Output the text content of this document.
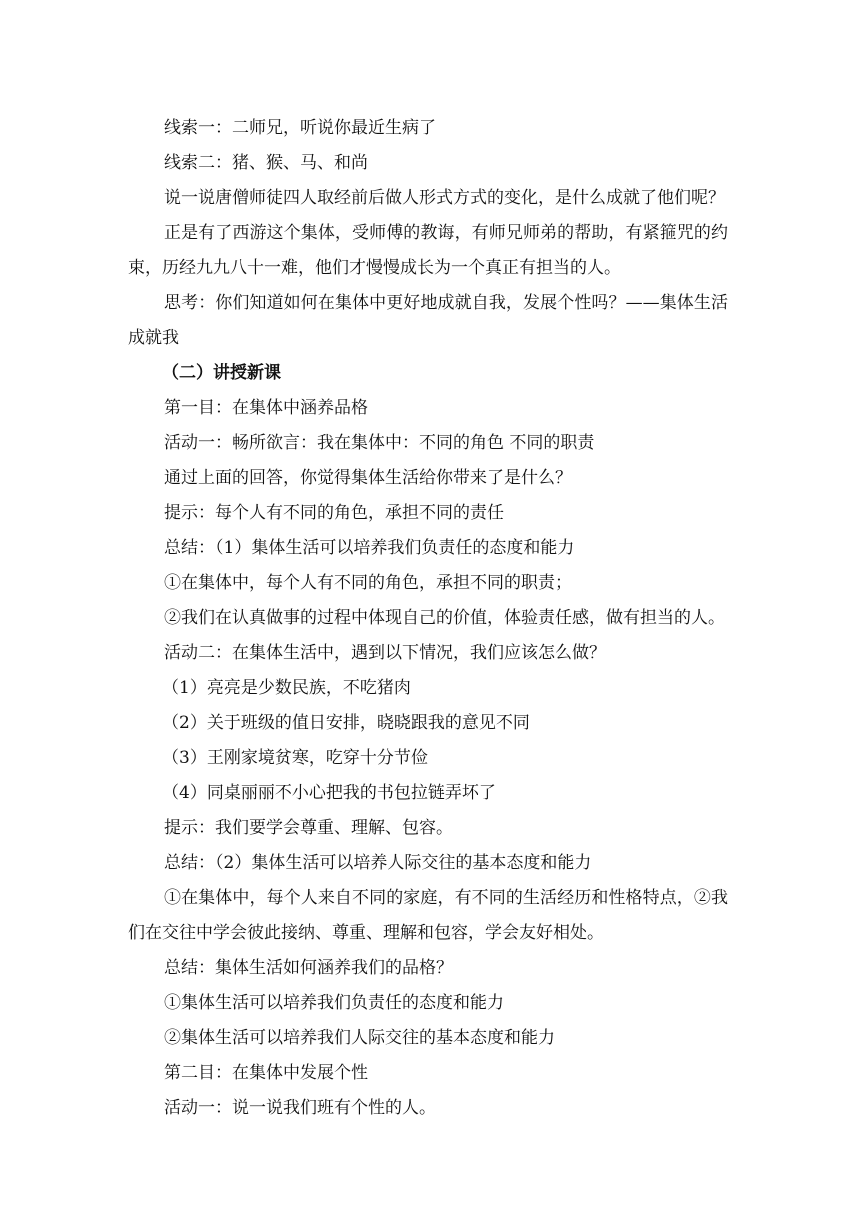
线索一：二师兄，听说你最近生病了

线索二：猪、猴、马、和尚

说一说唐僧师徒四人取经前后做人形式方式的变化，是什么成就了他们呢？

正是有了西游这个集体，受师傅的教诲，有师兄师弟的帮助，有紧箍咒的约束，历经九九八十一难，他们才慢慢成长为一个真正有担当的人。

思考：你们知道如何在集体中更好地成就自我，发展个性吗？——集体生活成就我

（二）讲授新课

第一目：在集体中涵养品格

活动一：畅所欲言：我在集体中：不同的角色 不同的职责

通过上面的回答，你觉得集体生活给你带来了是什么？

提示：每个人有不同的角色，承担不同的责任

总结：（1）集体生活可以培养我们负责任的态度和能力

①在集体中，每个人有不同的角色，承担不同的职责；

②我们在认真做事的过程中体现自己的价值，体验责任感，做有担当的人。

活动二：在集体生活中，遇到以下情况，我们应该怎么做？

（1）亮亮是少数民族，不吃猪肉

（2）关于班级的值日安排，晓晓跟我的意见不同

（3）王刚家境贫寒，吃穿十分节俭

（4）同桌丽丽不小心把我的书包拉链弄坏了

提示：我们要学会尊重、理解、包容。

总结：（2）集体生活可以培养人际交往的基本态度和能力

①在集体中，每个人来自不同的家庭，有不同的生活经历和性格特点，②我们在交往中学会彼此接纳、尊重、理解和包容，学会友好相处。

总结：集体生活如何涵养我们的品格？

①集体生活可以培养我们负责任的态度和能力

②集体生活可以培养我们人际交往的基本态度和能力

第二目：在集体中发展个性

活动一：说一说我们班有个性的人。
